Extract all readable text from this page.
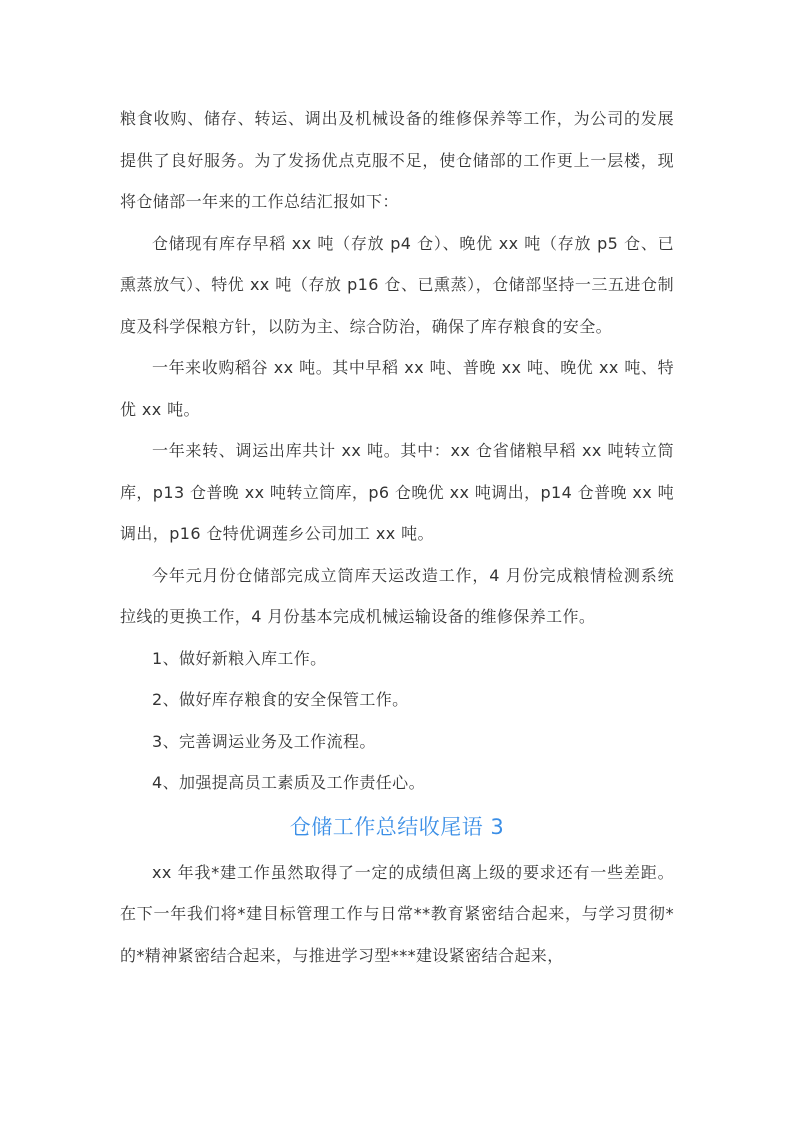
粮食收购、储存、转运、调出及机械设备的维修保养等工作，为公司的发展提供了良好服务。为了发扬优点克服不足，使仓储部的工作更上一层楼，现将仓储部一年来的工作总结汇报如下：

仓储现有库存早稻 xx 吨（存放 p4 仓）、晚优 xx 吨（存放 p5 仓、已熏蒸放气）、特优 xx 吨（存放 p16 仓、已熏蒸），仓储部坚持一三五进仓制度及科学保粮方针，以防为主、综合防治，确保了库存粮食的安全。

一年来收购稻谷 xx 吨。其中早稻 xx 吨、普晚 xx 吨、晚优 xx 吨、特优 xx 吨。

一年来转、调运出库共计 xx 吨。其中：xx 仓省储粮早稻 xx 吨转立筒库，p13 仓普晚 xx 吨转立筒库，p6 仓晚优 xx 吨调出，p14 仓普晚 xx 吨调出，p16 仓特优调莲乡公司加工 xx 吨。

今年元月份仓储部完成立筒库天运改造工作，4 月份完成粮情检测系统拉线的更换工作，4 月份基本完成机械运输设备的维修保养工作。

1、做好新粮入库工作。

2、做好库存粮食的安全保管工作。

3、完善调运业务及工作流程。

4、加强提高员工素质及工作责任心。

仓储工作总结收尾语 3

xx 年我*建工作虽然取得了一定的成绩但离上级的要求还有一些差距。在下一年我们将*建目标管理工作与日常**教育紧密结合起来，与学习贯彻*的*精神紧密结合起来，与推进学习型***建设紧密结合起来，
